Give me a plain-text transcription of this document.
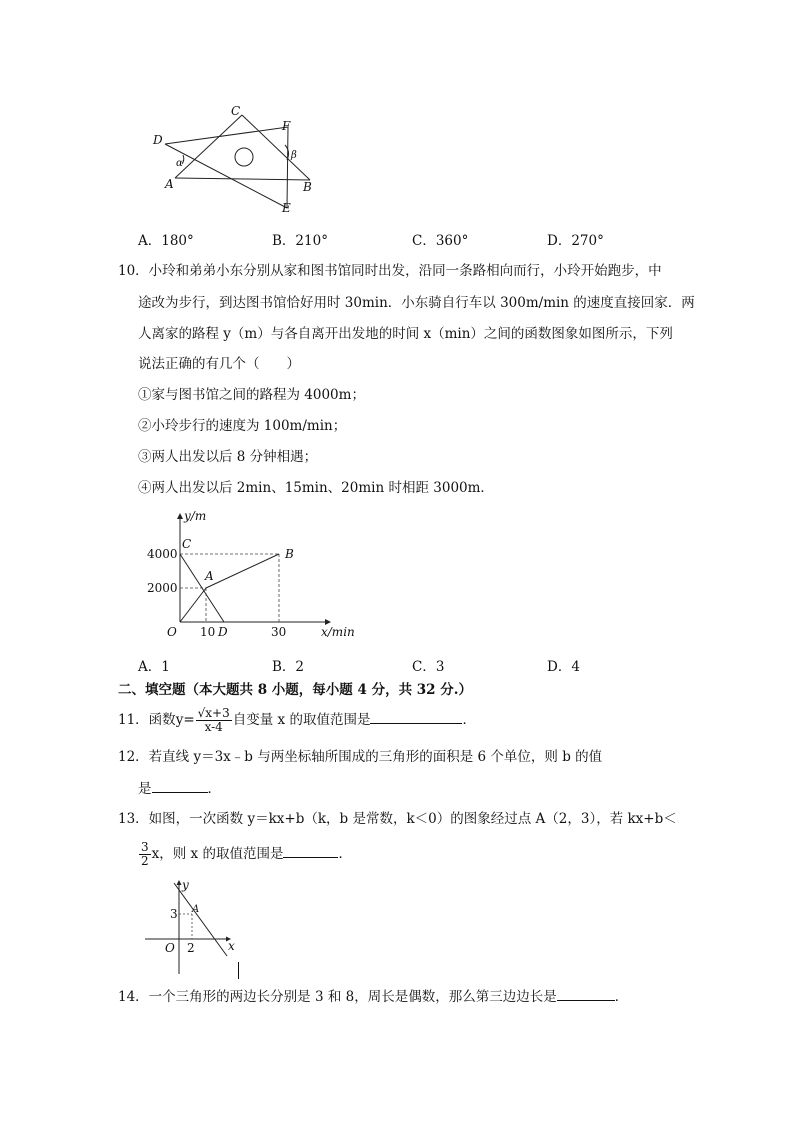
C
D
F
A	B
E
α
β
A．180°	B．210°	C．360°	D．270°
10．小玲和弟弟小东分别从家和图书馆同时出发，沿同一条路相向而行，小玲开始跑步，中
途改为步行，到达图书馆恰好用时 30min．小东骑自行车以 300m/min 的速度直接回家．两
人离家的路程 y（m）与各自离开出发地的时间 x（min）之间的函数图象如图所示，下列
说法正确的有几个（　　）
①家与图书馆之间的路程为 4000m；
②小玲步行的速度为 100m/min；
③两人出发以后 8 分钟相遇；
④两人出发以后 2min、15min、20min 时相距 3000m．
y/m
x/min
C
B
A
O	D
4000
2000
10	30
A．1	B．2	C．3	D．4
二、填空题（本大题共 8 小题，每小题 4 分，共 32 分.）
11．函数$y= \frac{√x+3}{x-4}$ 自变量 x 的取值范围是	．
12．若直线 y＝3x﹣b 与两坐标轴所围成的三角形的面积是 6 个单位，则 b 的值
是	．
13．如图，一次函数 y＝kx+b（k，b 是常数，k＜0）的图象经过点 A（2，3），若 kx+b＜
$\frac{3}{2}$ x，则 x 的取值范围是	．
y
x
3
2
O
A
14．一个三角形的两边长分别是 3 和 8，周长是偶数，那么第三边边长是	．
